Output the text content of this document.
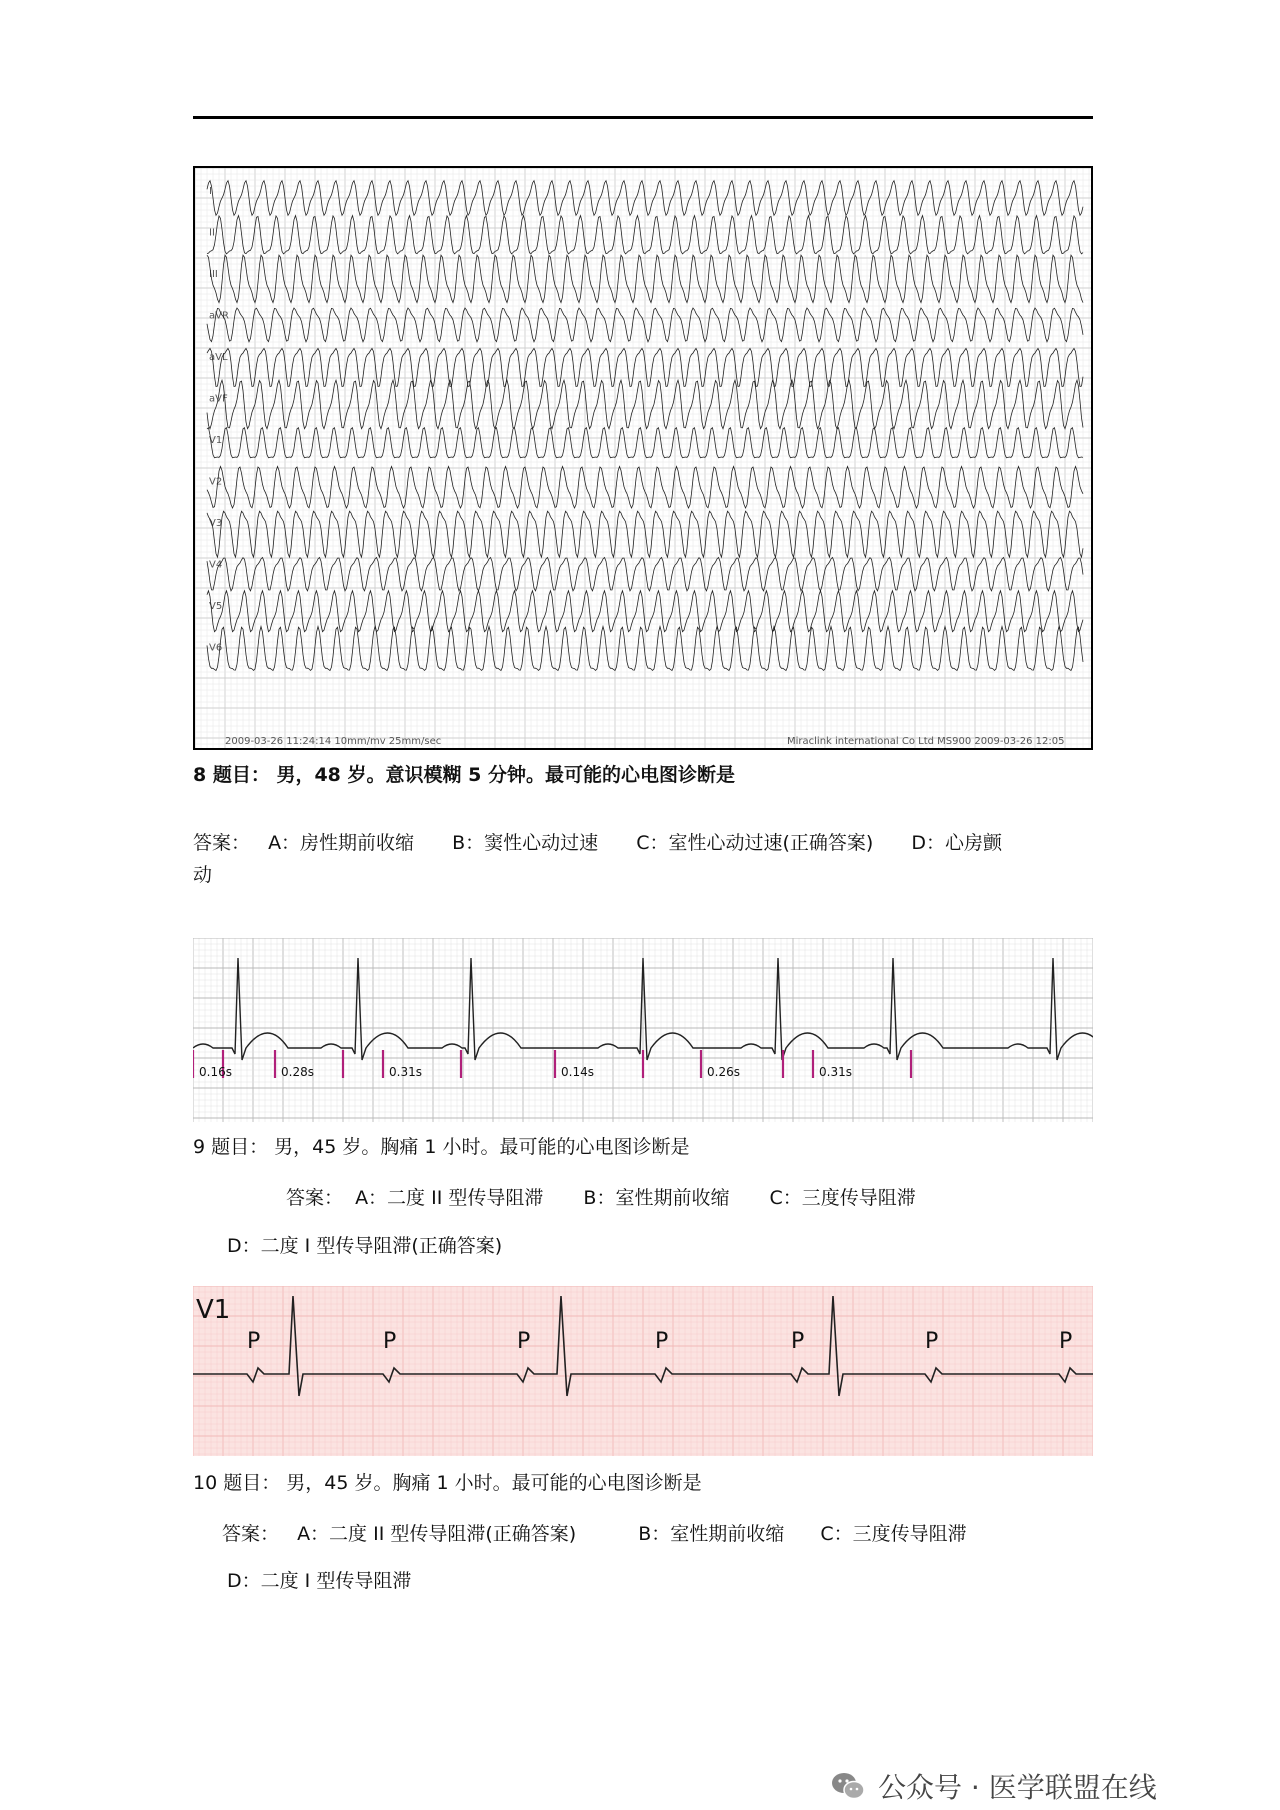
I
II
III
aVR
aVL
aVF
V1
V2
V3
V4
V5
V6
2009-03-26 11:24:14 10mm/mv 25mm/sec	Miraclink international Co Ltd MS900 2009-03-26 12:05
8 题目： 男，48 岁。意识模糊 5 分钟。最可能的心电图诊断是
答案： A：房性期前收缩 B：窦性心动过速 C：室性心动过速(正确答案) D：心房颤
动
0.16s	0.28s	0.31s	0.14s	0.26s	0.31s
9 题目： 男，45 岁。胸痛 1 小时。最可能的心电图诊断是
答案： A：二度 II 型传导阻滞 B：室性期前收缩 C：三度传导阻滞
D：二度 I 型传导阻滞(正确答案)
V1
P	P	P	P	P	P	P
10 题目： 男，45 岁。胸痛 1 小时。最可能的心电图诊断是
答案： A：二度 II 型传导阻滞(正确答案)	B：室性期前收缩 C：三度传导阻滞
D：二度 I 型传导阻滞
公众号 · 医学联盟在线
